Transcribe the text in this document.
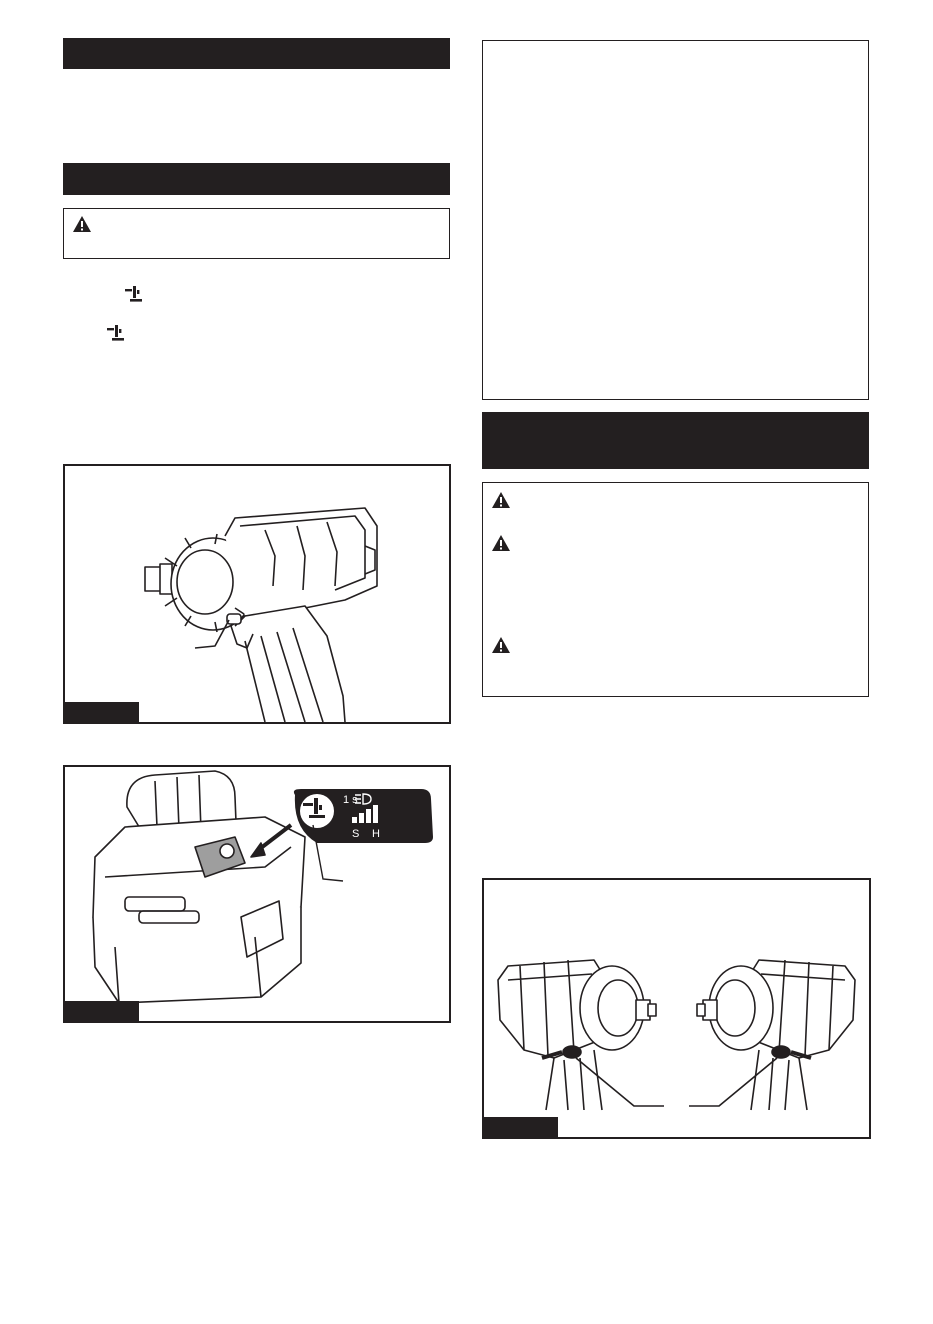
1 s
S H
